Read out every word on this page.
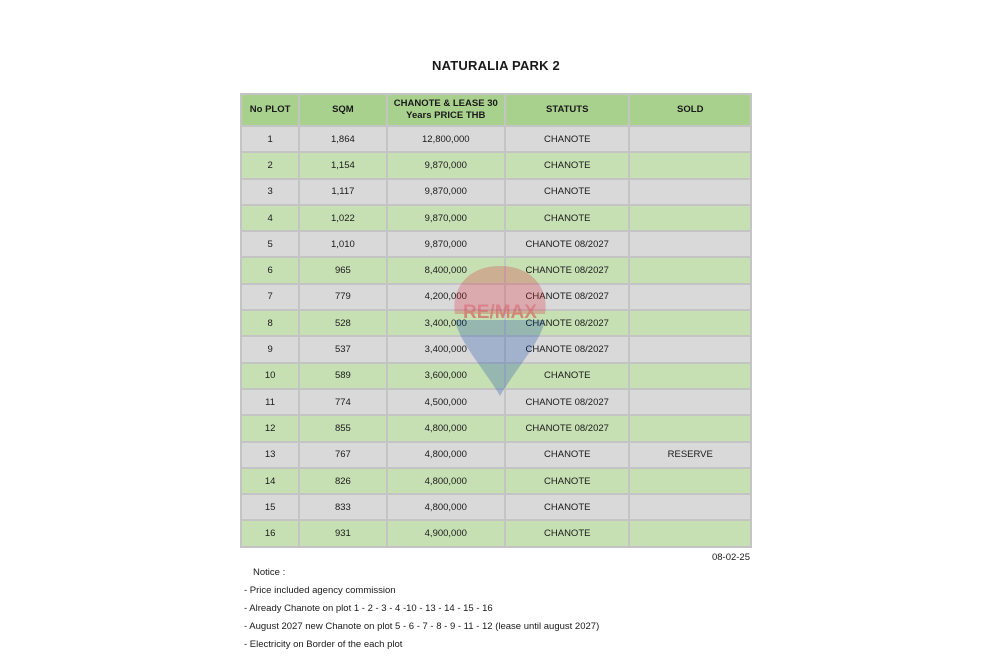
NATURALIA PARK 2
No PLOT	SQM	CHANOTE & LEASE 30 Years PRICE THB	STATUTS	SOLD
1	1,864	12,800,000	CHANOTE	
2	1,154	9,870,000	CHANOTE	
3	1,117	9,870,000	CHANOTE	
4	1,022	9,870,000	CHANOTE	
5	1,010	9,870,000	CHANOTE 08/2027	
6	965	8,400,000	CHANOTE 08/2027	
7	779	4,200,000	CHANOTE 08/2027	
8	528	3,400,000	CHANOTE 08/2027	
9	537	3,400,000	CHANOTE 08/2027	
10	589	3,600,000	CHANOTE	
11	774	4,500,000	CHANOTE 08/2027	
12	855	4,800,000	CHANOTE 08/2027	
13	767	4,800,000	CHANOTE	RESERVE
14	826	4,800,000	CHANOTE	
15	833	4,800,000	CHANOTE	
16	931	4,900,000	CHANOTE	
08-02-25
Notice :
- Price included agency commission
- Already Chanote on plot 1 - 2 - 3 - 4 -10 - 13 - 14 - 15 - 16
- August 2027 new Chanote on plot 5 - 6 - 7 - 8 - 9 - 11 - 12 (lease until august 2027)
- Electricity on Border of the each plot
RE/MAX
